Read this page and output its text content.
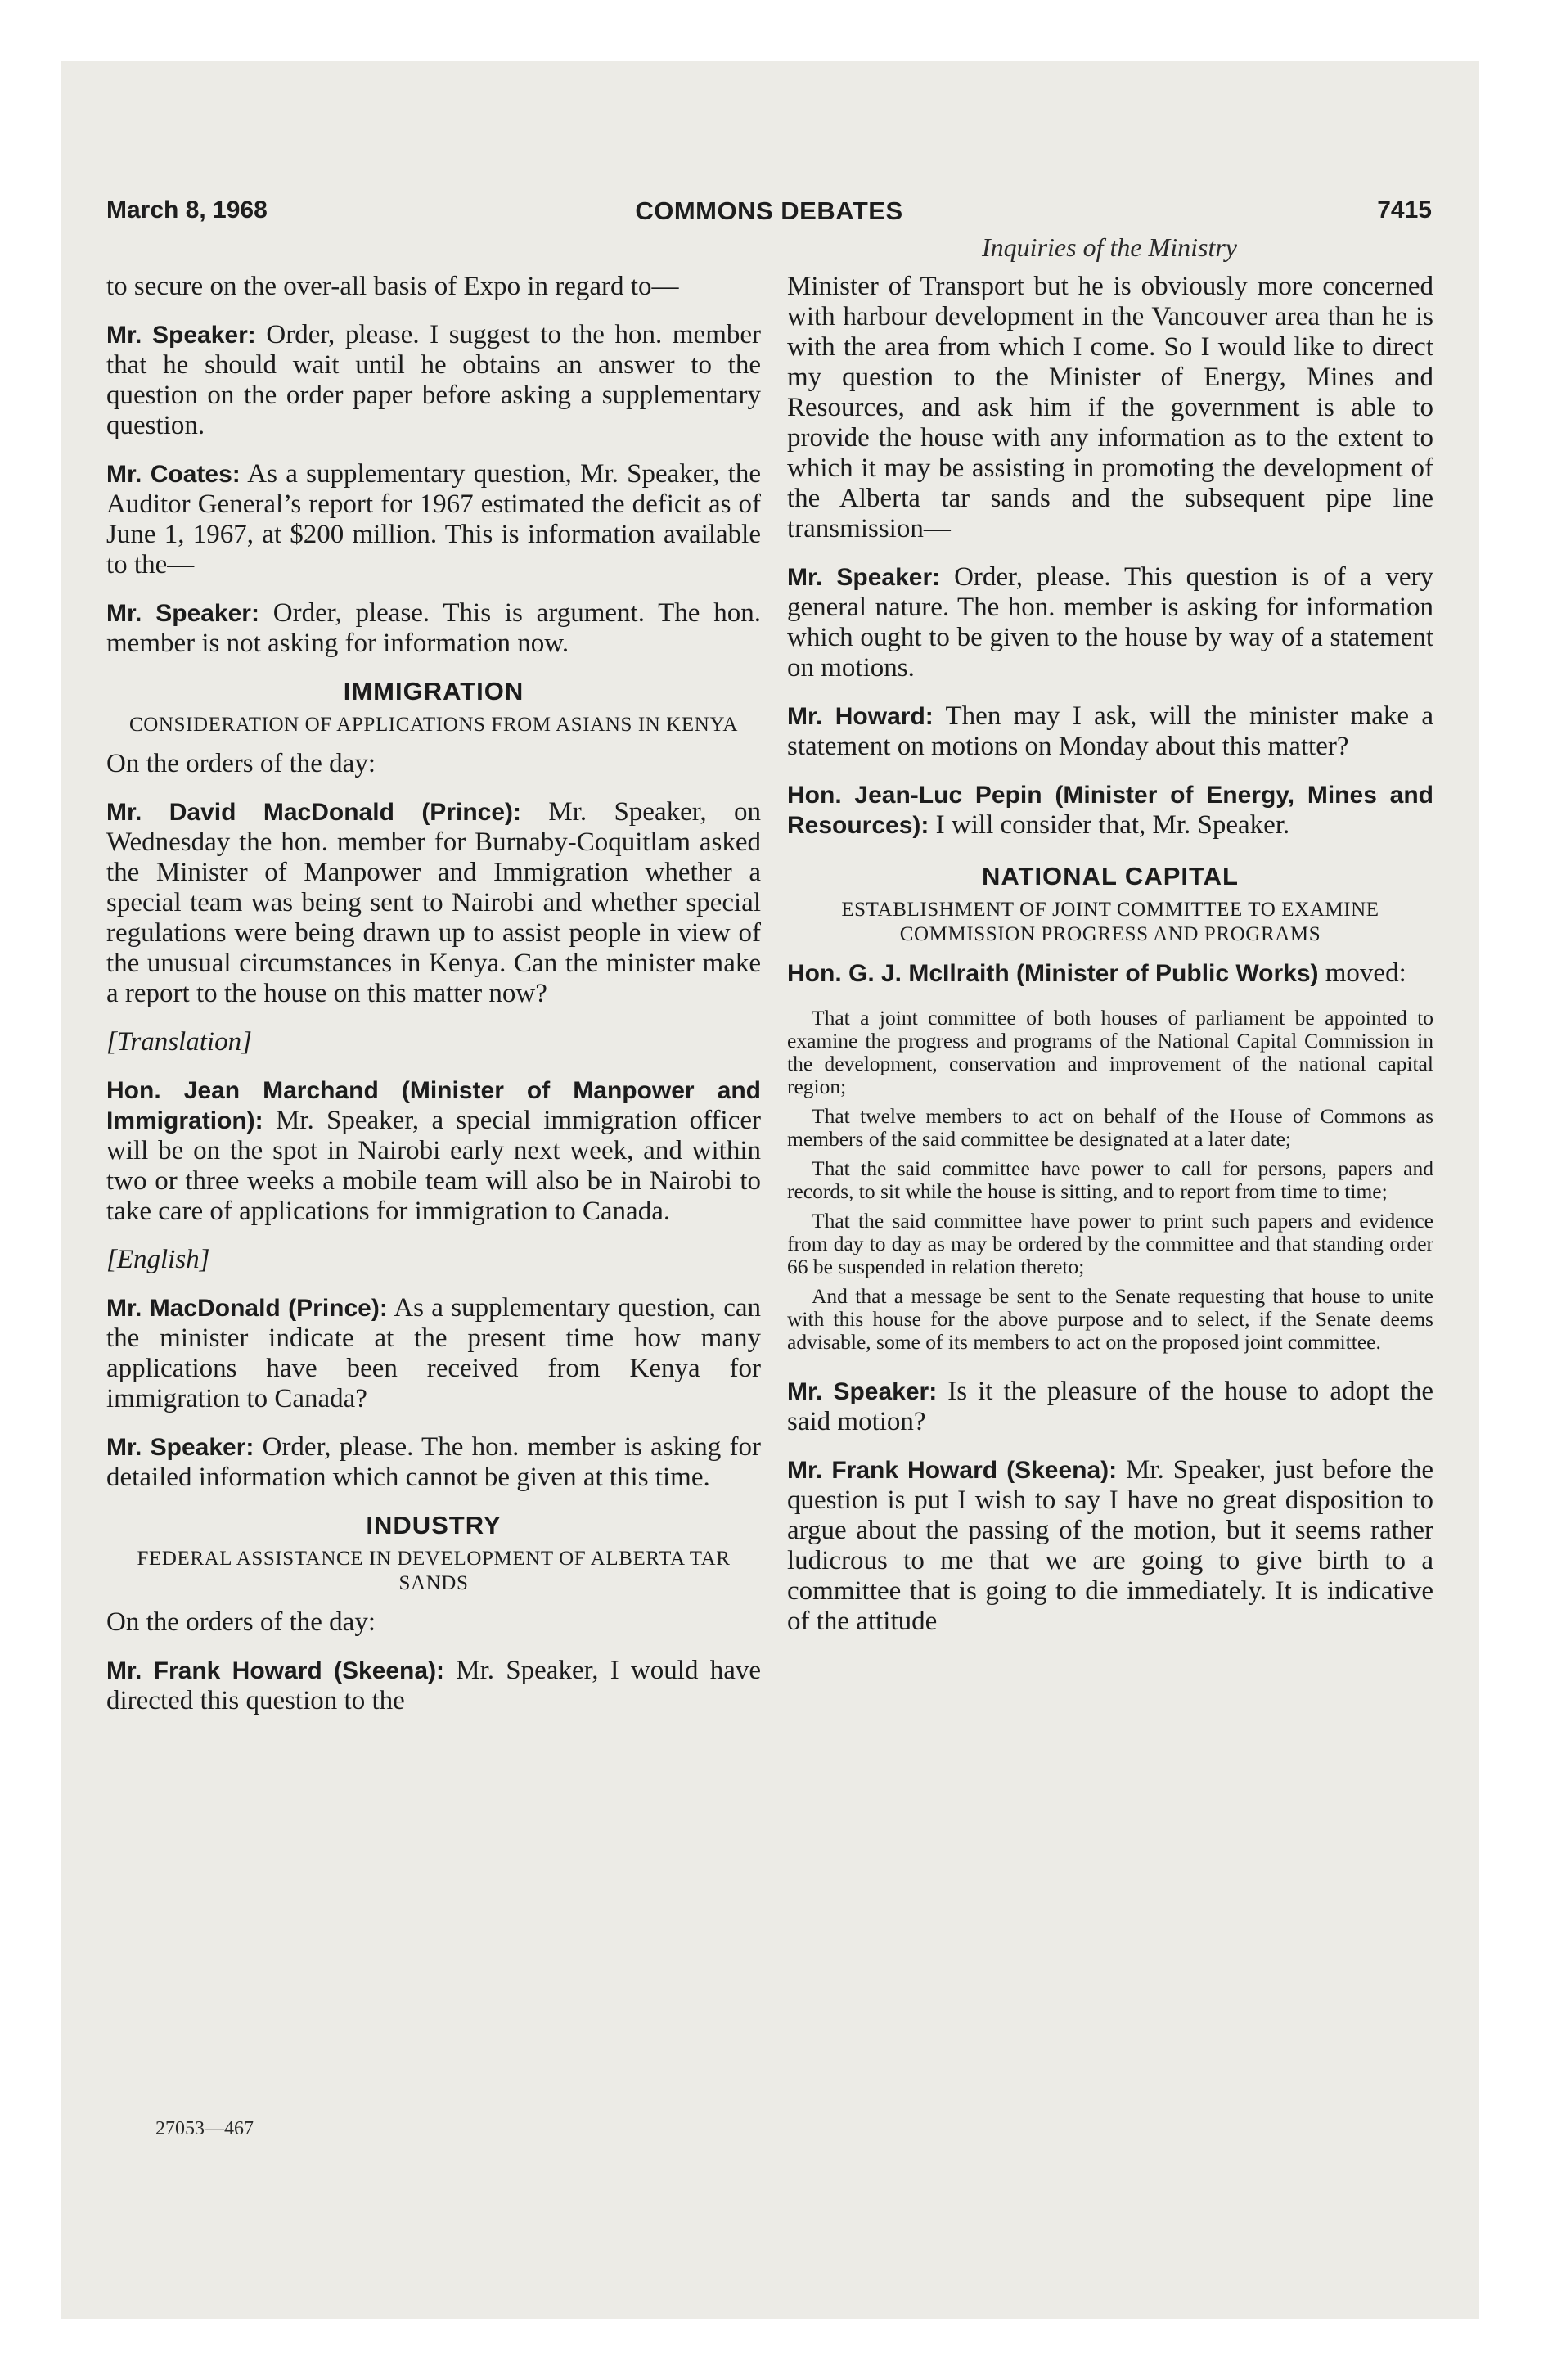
March 8, 1968	COMMONS DEBATES	7415
Inquiries of the Ministry

to secure on the over-all basis of Expo in regard to—

Mr. Speaker: Order, please. I suggest to the hon. member that he should wait until he obtains an answer to the question on the order paper before asking a supplementary question.

Mr. Coates: As a supplementary question, Mr. Speaker, the Auditor General’s report for 1967 estimated the deficit as of June 1, 1967, at $200 million. This is information available to the—

Mr. Speaker: Order, please. This is argument. The hon. member is not asking for information now.

IMMIGRATION
CONSIDERATION OF APPLICATIONS FROM ASIANS IN KENYA

On the orders of the day:

Mr. David MacDonald (Prince): Mr. Speaker, on Wednesday the hon. member for Burnaby-Coquitlam asked the Minister of Manpower and Immigration whether a special team was being sent to Nairobi and whether special regulations were being drawn up to assist people in view of the unusual circumstances in Kenya. Can the minister make a report to the house on this matter now?

[Translation]

Hon. Jean Marchand (Minister of Manpower and Immigration): Mr. Speaker, a special immigration officer will be on the spot in Nairobi early next week, and within two or three weeks a mobile team will also be in Nairobi to take care of applications for immigration to Canada.

[English]

Mr. MacDonald (Prince): As a supplementary question, can the minister indicate at the present time how many applications have been received from Kenya for immigration to Canada?

Mr. Speaker: Order, please. The hon. member is asking for detailed information which cannot be given at this time.

INDUSTRY
FEDERAL ASSISTANCE IN DEVELOPMENT OF ALBERTA TAR SANDS

On the orders of the day:

Mr. Frank Howard (Skeena): Mr. Speaker, I would have directed this question to the

27053—467

Minister of Transport but he is obviously more concerned with harbour development in the Vancouver area than he is with the area from which I come. So I would like to direct my question to the Minister of Energy, Mines and Resources, and ask him if the government is able to provide the house with any information as to the extent to which it may be assisting in promoting the development of the Alberta tar sands and the subsequent pipe line transmission—

Mr. Speaker: Order, please. This question is of a very general nature. The hon. member is asking for information which ought to be given to the house by way of a statement on motions.

Mr. Howard: Then may I ask, will the minister make a statement on motions on Monday about this matter?

Hon. Jean-Luc Pepin (Minister of Energy, Mines and Resources): I will consider that, Mr. Speaker.

NATIONAL CAPITAL
ESTABLISHMENT OF JOINT COMMITTEE TO EXAMINE COMMISSION PROGRESS AND PROGRAMS

Hon. G. J. McIlraith (Minister of Public Works) moved:

That a joint committee of both houses of parliament be appointed to examine the progress and programs of the National Capital Commission in the development, conservation and improvement of the national capital region;
That twelve members to act on behalf of the House of Commons as members of the said committee be designated at a later date;
That the said committee have power to call for persons, papers and records, to sit while the house is sitting, and to report from time to time;
That the said committee have power to print such papers and evidence from day to day as may be ordered by the committee and that standing order 66 be suspended in relation thereto;
And that a message be sent to the Senate requesting that house to unite with this house for the above purpose and to select, if the Senate deems advisable, some of its members to act on the proposed joint committee.

Mr. Speaker: Is it the pleasure of the house to adopt the said motion?

Mr. Frank Howard (Skeena): Mr. Speaker, just before the question is put I wish to say I have no great disposition to argue about the passing of the motion, but it seems rather ludicrous to me that we are going to give birth to a committee that is going to die immediately. It is indicative of the attitude
